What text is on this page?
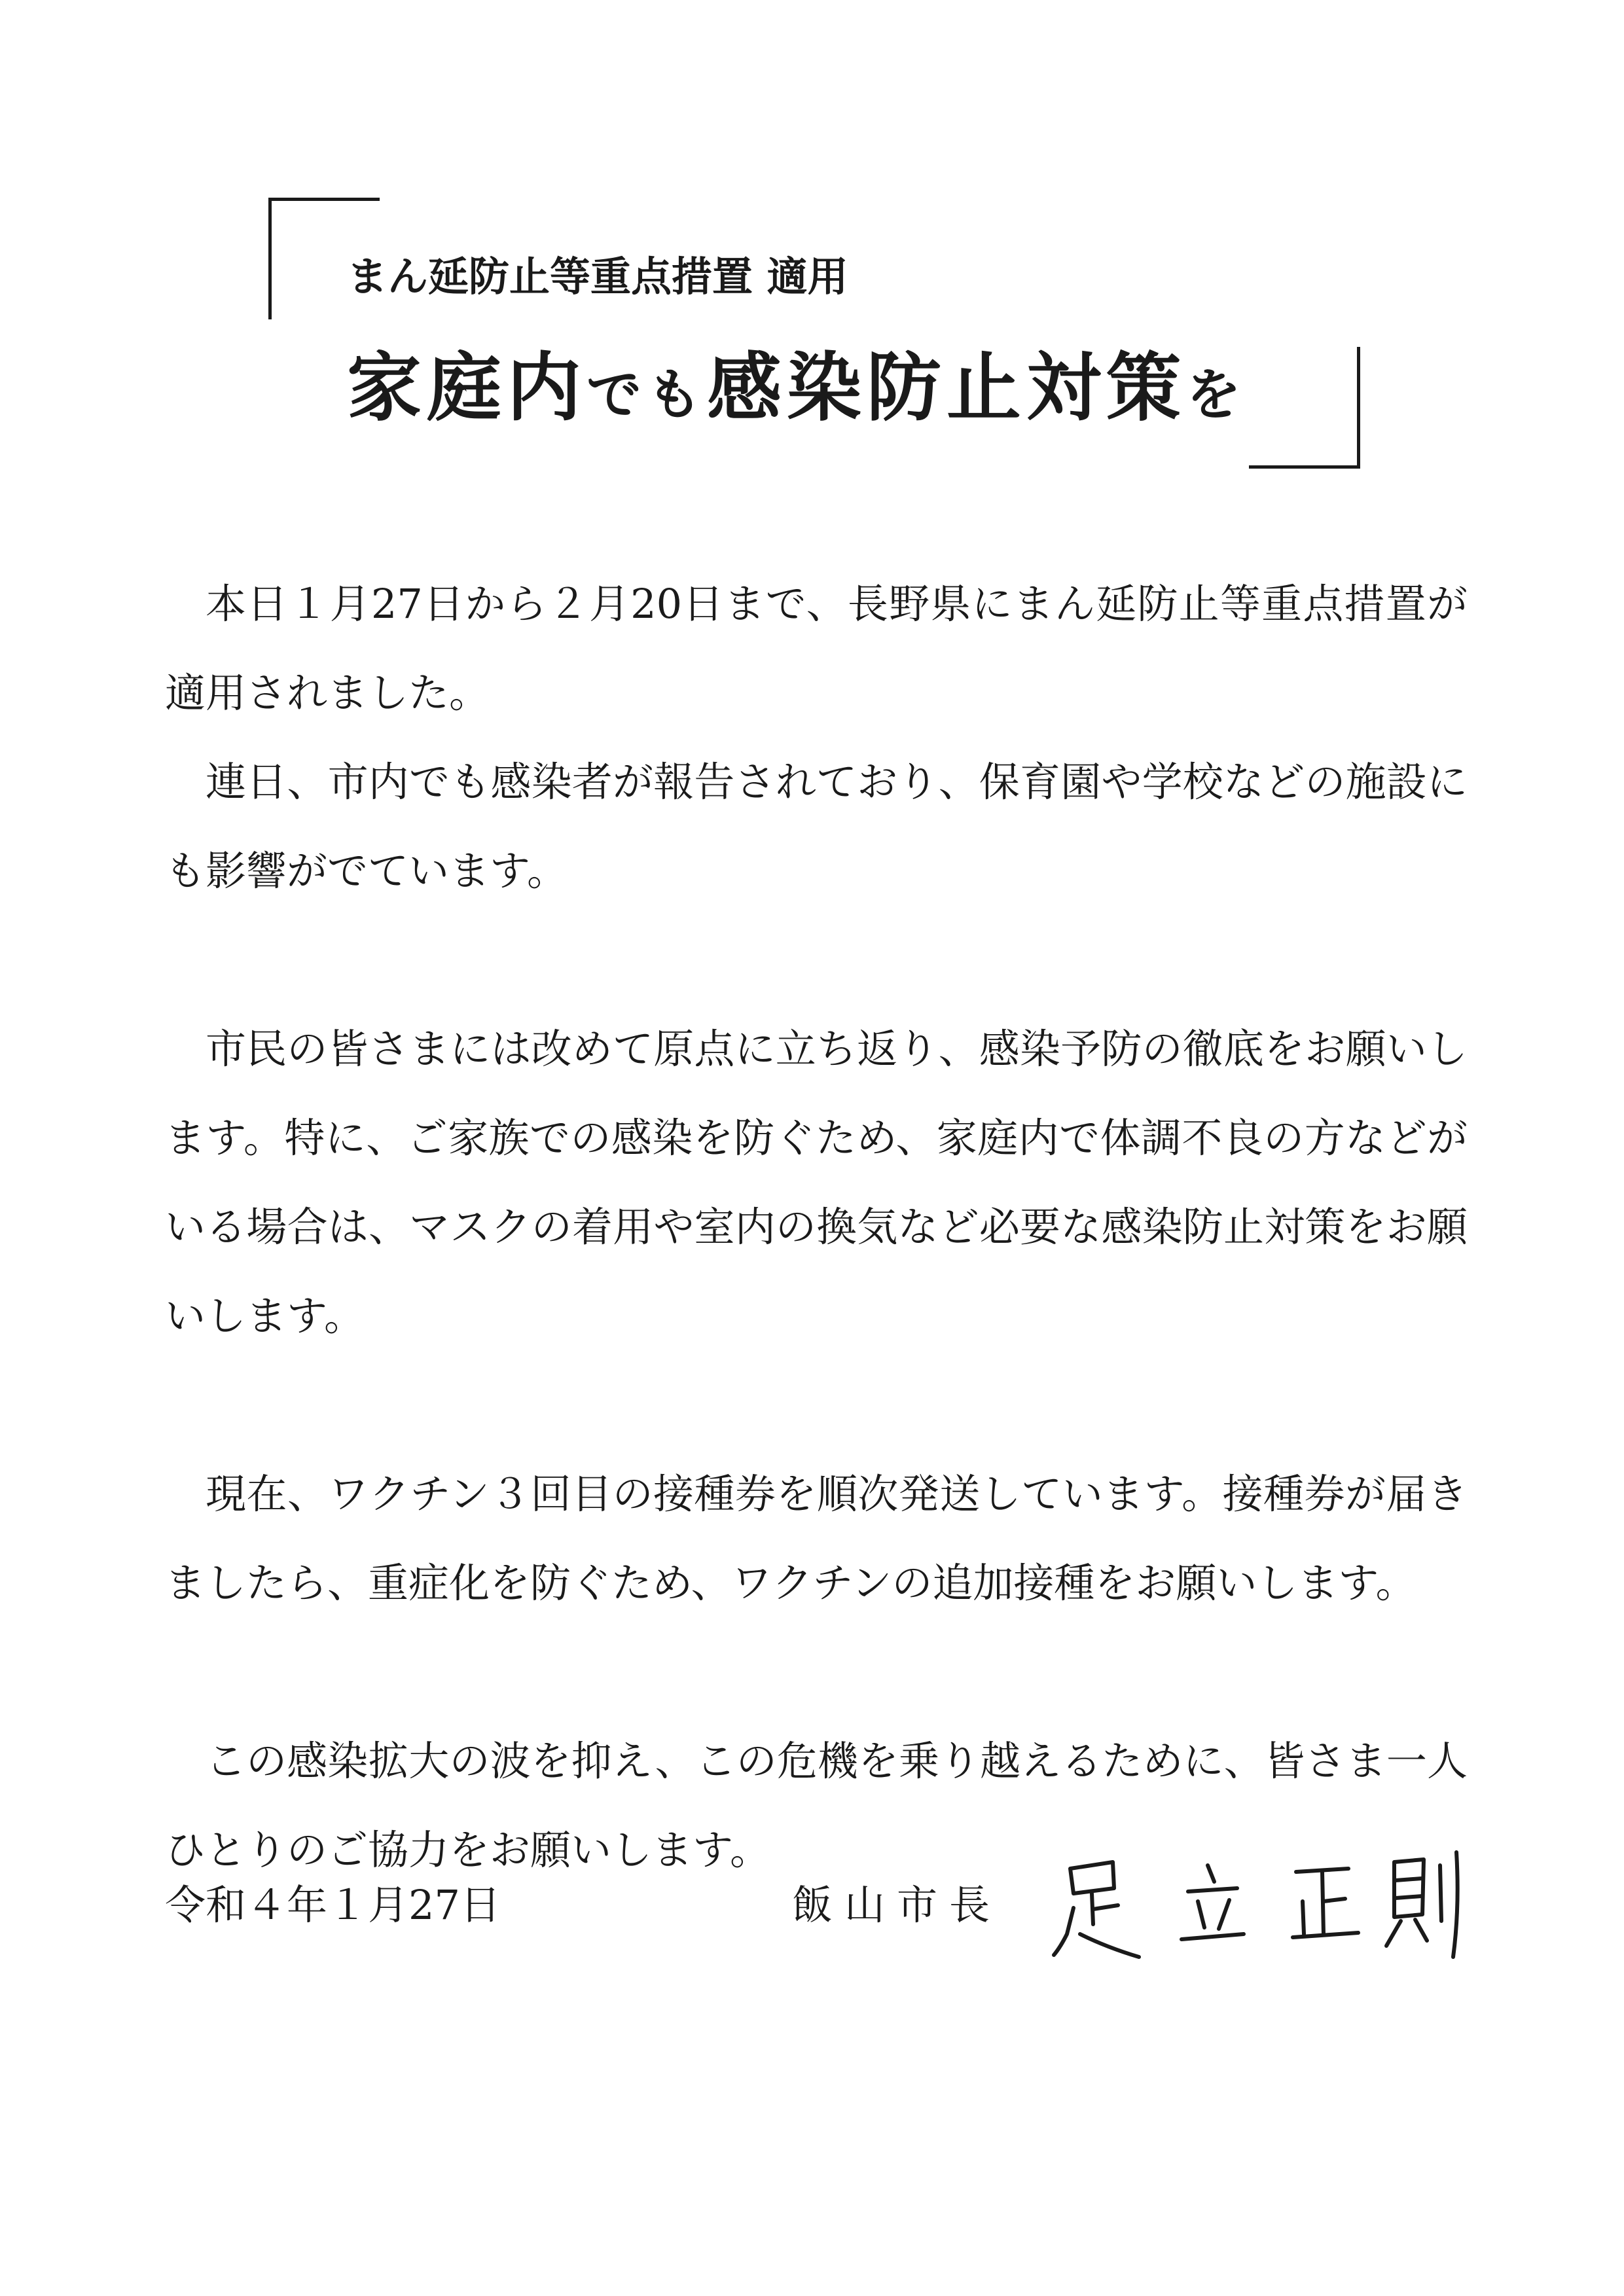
まん延防止等重点措置 適用
家庭内でも感染防止対策を

本日１月27日から２月20日まで、長野県にまん延防止等重点措置が適用されました。

連日、市内でも感染者が報告されており、保育園や学校などの施設にも影響がでています。

市民の皆さまには改めて原点に立ち返り、感染予防の徹底をお願いします。特に、ご家族での感染を防ぐため、家庭内で体調不良の方などがいる場合は、マスクの着用や室内の換気など必要な感染防止対策をお願いします。

現在、ワクチン３回目の接種券を順次発送しています。接種券が届きましたら、重症化を防ぐため、ワクチンの追加接種をお願いします。

この感染拡大の波を抑え、この危機を乗り越えるために、皆さま一人ひとりのご協力をお願いします。

令和４年１月27日	飯山市長
